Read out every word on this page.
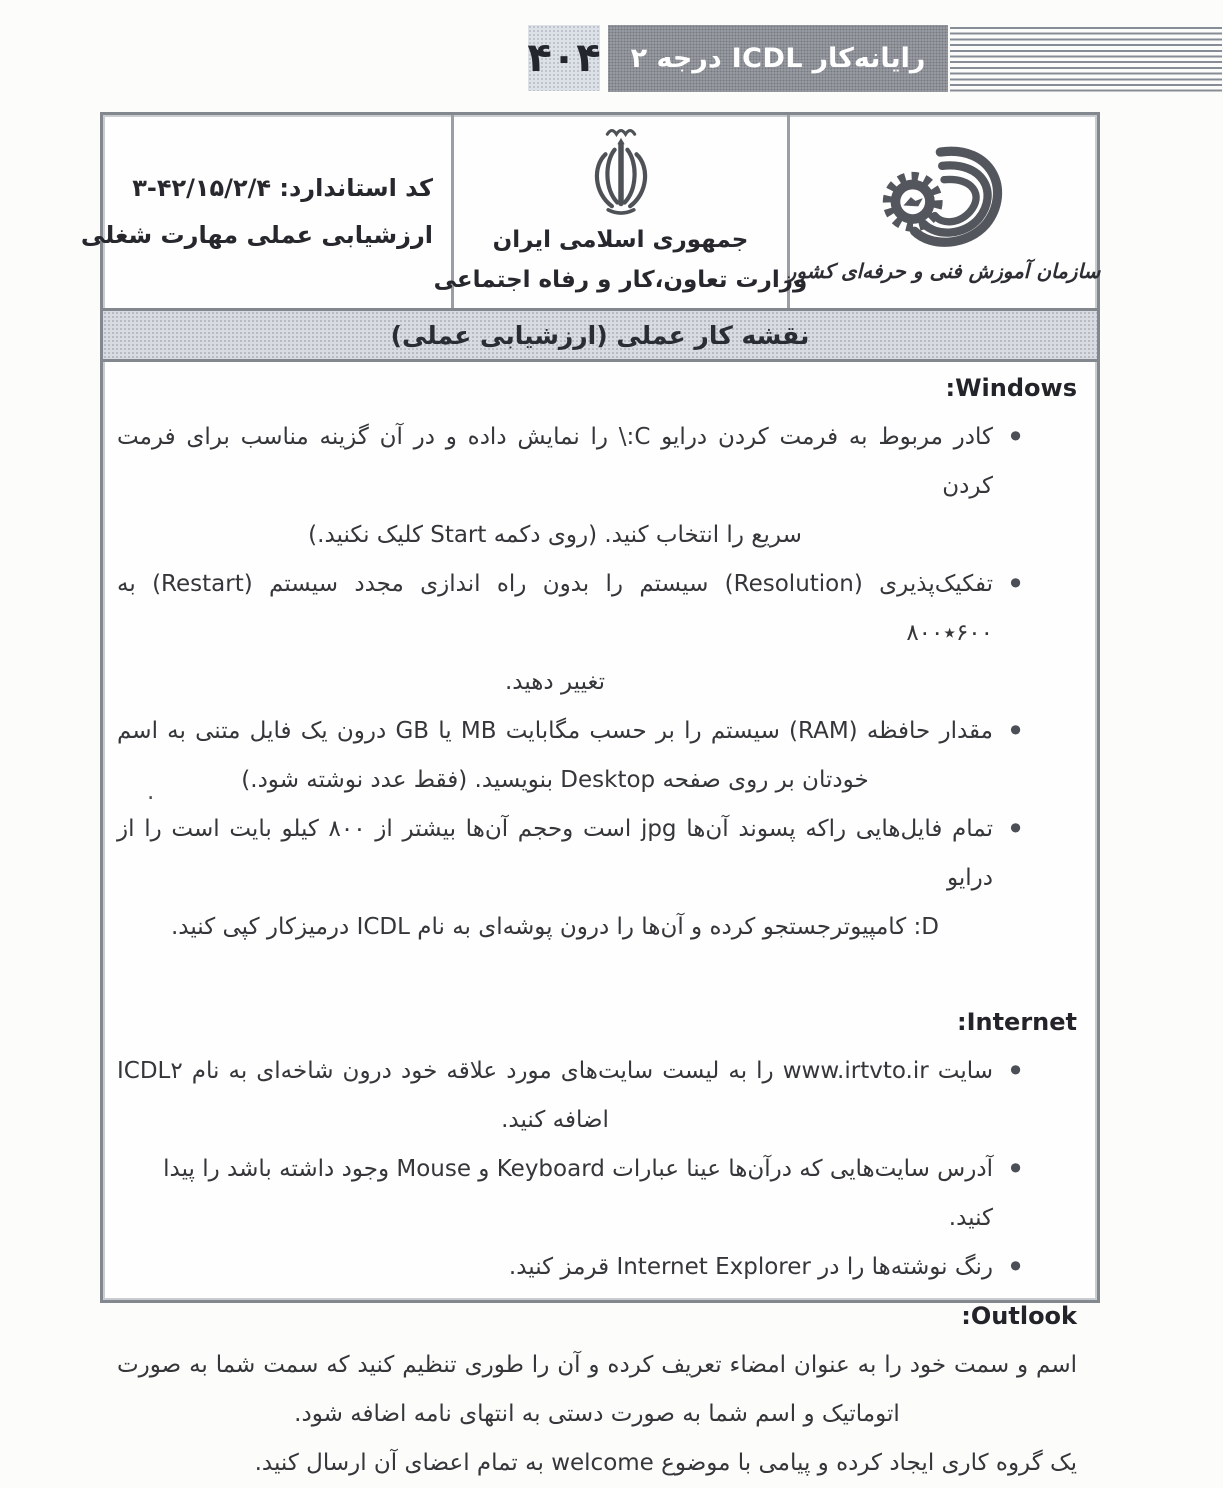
۴۰۴ رایانه‌کار ICDL درجه ۲
سازمان آموزش فنی و حرفه‌ای کشور
جمهوری اسلامی ایران
وزارت تعاون،کار و رفاه اجتماعی
کد استاندارد: ۴۲/۱۵/۲/۴-۳
ارزشیابی عملی مهارت شغلی
نقشه کار عملی (ارزشیابی عملی)
Windows:
•
کادر مربوط به فرمت کردن درایو C:\ را نمایش داده و در آن گزینه مناسب برای فرمت کردن
سریع را انتخاب کنید. (روی دکمه Start کلیک نکنید.)
•
تفکیک‌پذیری (Resolution) سیستم را بدون راه اندازی مجدد سیستم (Restart) به ۶۰۰٭۸۰۰
تغییر دهید.
•
مقدار حافظه (RAM) سیستم را بر حسب مگابایت MB یا GB درون یک فایل متنی به اسم
خودتان بر روی صفحه Desktop بنویسید. (فقط عدد نوشته شود.)
•
تمام فایل‌هایی راکه پسوند آن‌ها jpg است وحجم آن‌ها بیشتر از ۸۰۰ کیلو بایت است را از درایو
D: کامپیوترجستجو کرده و آن‌ها را درون پوشه‌ای به نام ICDL درمیزکار کپی کنید.
Internet:
•
سایت www.irtvto.ir را به لیست سایت‌های مورد علاقه خود درون شاخه‌ای به نام ICDL۲
اضافه کنید.
•
آدرس سایت‌هایی که درآن‌ها عینا عبارات Keyboard و Mouse وجود داشته باشد را پیدا کنید.
•
رنگ نوشته‌ها را در Internet Explorer قرمز کنید.
Outlook:
اسم و سمت خود را به عنوان امضاء تعریف کرده و آن را طوری تنظیم کنید که سمت شما به صورت
اتوماتیک و اسم شما به صورت دستی به انتهای نامه اضافه شود.
یک گروه کاری ایجاد کرده و پیامی با موضوع welcome به تمام اعضای آن ارسال کنید.
.
